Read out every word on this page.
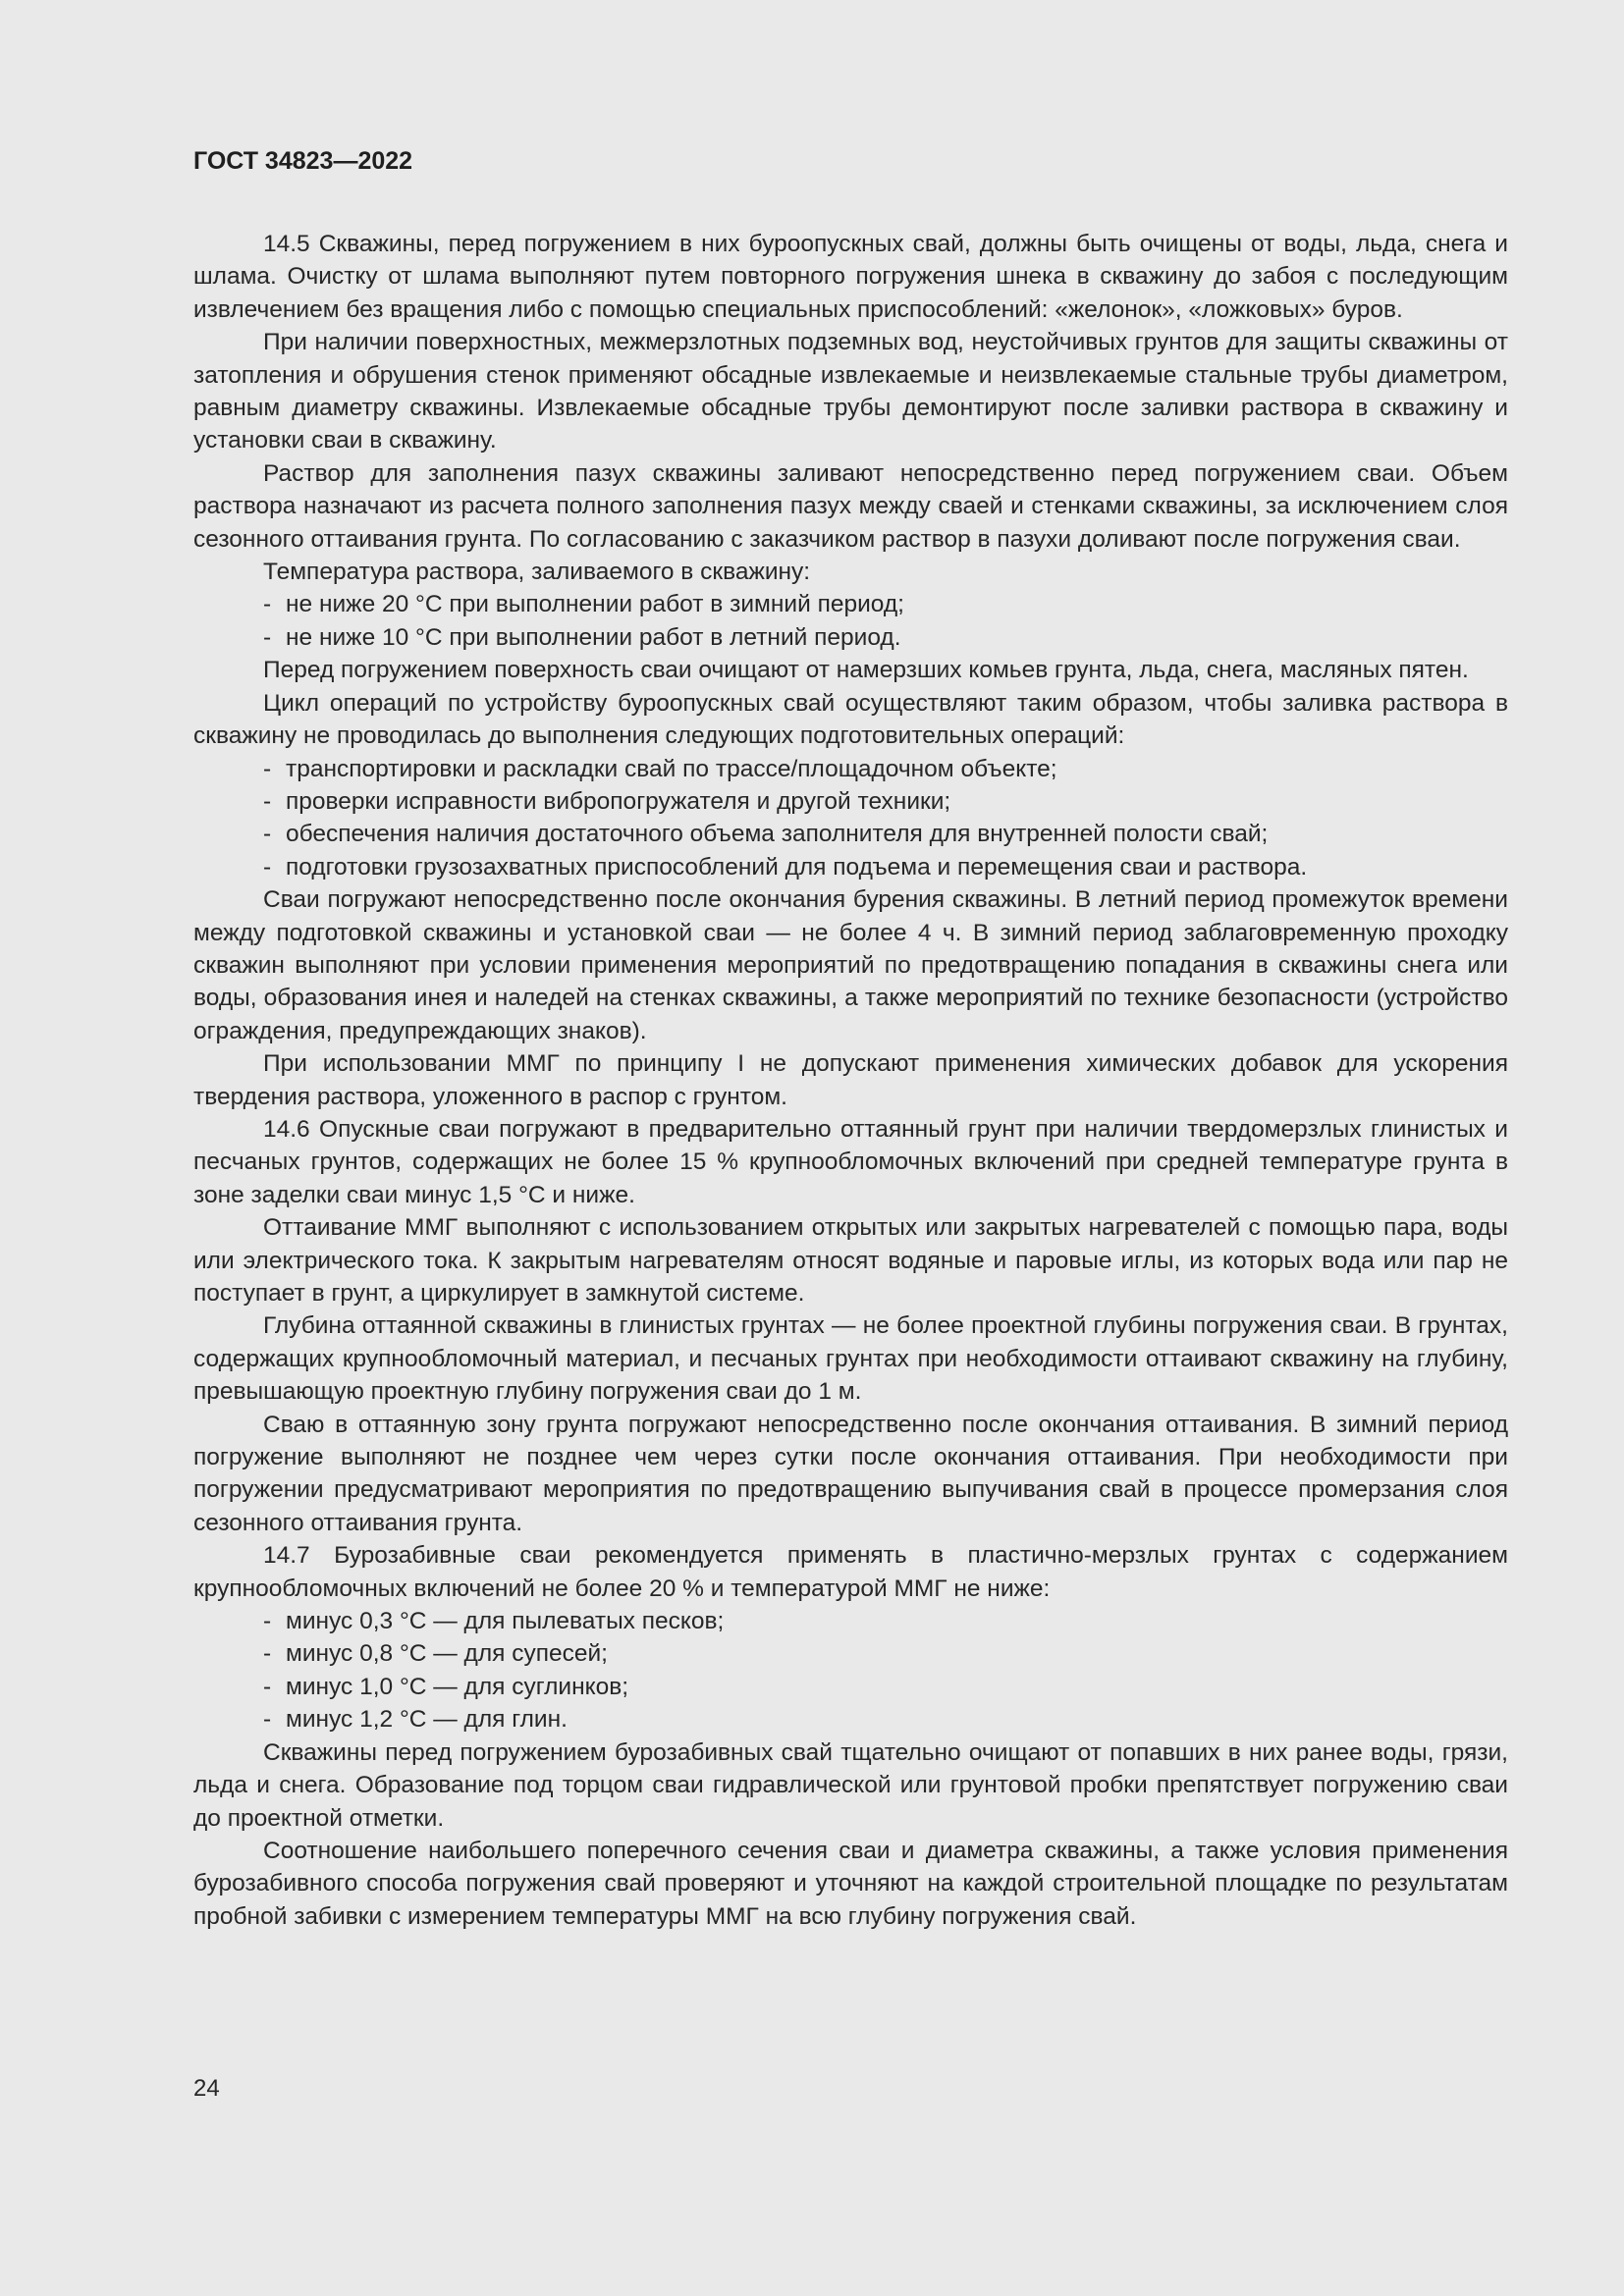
ГОСТ 34823—2022

14.5 Скважины, перед погружением в них буроопускных свай, должны быть очищены от воды, льда, снега и шлама. Очистку от шлама выполняют путем повторного погружения шнека в скважину до забоя с последующим извлечением без вращения либо с помощью специальных приспособлений: «желонок», «ложковых» буров.

При наличии поверхностных, межмерзлотных подземных вод, неустойчивых грунтов для защиты скважины от затопления и обрушения стенок применяют обсадные извлекаемые и неизвлекаемые стальные трубы диаметром, равным диаметру скважины. Извлекаемые обсадные трубы демонтируют после заливки раствора в скважину и установки сваи в скважину.

Раствор для заполнения пазух скважины заливают непосредственно перед погружением сваи. Объем раствора назначают из расчета полного заполнения пазух между сваей и стенками скважины, за исключением слоя сезонного оттаивания грунта. По согласованию с заказчиком раствор в пазухи доливают после погружения сваи.

Температура раствора, заливаемого в скважину:

- не ниже 20 °С при выполнении работ в зимний период;

- не ниже 10 °С при выполнении работ в летний период.

Перед погружением поверхность сваи очищают от намерзших комьев грунта, льда, снега, масляных пятен.

Цикл операций по устройству буроопускных свай осуществляют таким образом, чтобы заливка раствора в скважину не проводилась до выполнения следующих подготовительных операций:

- транспортировки и раскладки свай по трассе/площадочном объекте;

- проверки исправности вибропогружателя и другой техники;

- обеспечения наличия достаточного объема заполнителя для внутренней полости свай;

- подготовки грузозахватных приспособлений для подъема и перемещения сваи и раствора.

Сваи погружают непосредственно после окончания бурения скважины. В летний период промежуток времени между подготовкой скважины и установкой сваи — не более 4 ч. В зимний период заблаговременную проходку скважин выполняют при условии применения мероприятий по предотвращению попадания в скважины снега или воды, образования инея и наледей на стенках скважины, а также мероприятий по технике безопасности (устройство ограждения, предупреждающих знаков).

При использовании ММГ по принципу I не допускают применения химических добавок для ускорения твердения раствора, уложенного в распор с грунтом.

14.6 Опускные сваи погружают в предварительно оттаянный грунт при наличии твердомерзлых глинистых и песчаных грунтов, содержащих не более 15 % крупнообломочных включений при средней температуре грунта в зоне заделки сваи минус 1,5 °С и ниже.

Оттаивание ММГ выполняют с использованием открытых или закрытых нагревателей с помощью пара, воды или электрического тока. К закрытым нагревателям относят водяные и паровые иглы, из которых вода или пар не поступает в грунт, а циркулирует в замкнутой системе.

Глубина оттаянной скважины в глинистых грунтах — не более проектной глубины погружения сваи. В грунтах, содержащих крупнообломочный материал, и песчаных грунтах при необходимости оттаивают скважину на глубину, превышающую проектную глубину погружения сваи до 1 м.

Сваю в оттаянную зону грунта погружают непосредственно после окончания оттаивания. В зимний период погружение выполняют не позднее чем через сутки после окончания оттаивания. При необходимости при погружении предусматривают мероприятия по предотвращению выпучивания свай в процессе промерзания слоя сезонного оттаивания грунта.

14.7 Бурозабивные сваи рекомендуется применять в пластично-мерзлых грунтах с содержанием крупнообломочных включений не более 20 % и температурой ММГ не ниже:

- минус 0,3 °С — для пылеватых песков;

- минус 0,8 °С — для супесей;

- минус 1,0 °С — для суглинков;

- минус 1,2 °С — для глин.

Скважины перед погружением бурозабивных свай тщательно очищают от попавших в них ранее воды, грязи, льда и снега. Образование под торцом сваи гидравлической или грунтовой пробки препятствует погружению сваи до проектной отметки.

Соотношение наибольшего поперечного сечения сваи и диаметра скважины, а также условия применения бурозабивного способа погружения свай проверяют и уточняют на каждой строительной площадке по результатам пробной забивки с измерением температуры ММГ на всю глубину погружения свай.

24
